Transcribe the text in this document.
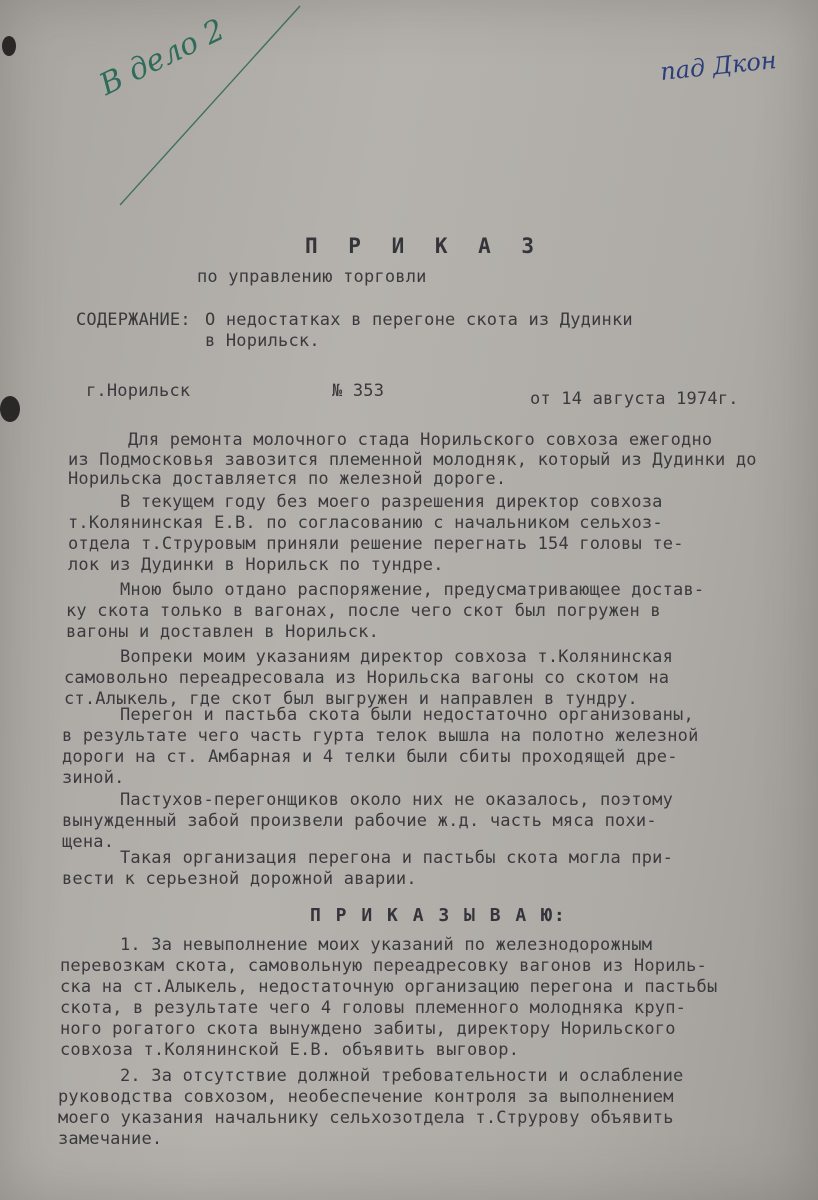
В дело 2	пад Дкон
П Р И К А З
по управлению торговли
СОДЕРЖАНИЕ: О недостатках в перегоне скота из Дудинки
в Норильск.
г.Норильск	№ 353	от 14 августа 1974г.
Для ремонта молочного стада Норильского совхоза ежегодно
из Подмосковья завозится племенной молодняк, который из Дудинки до
Норильска доставляется по железной дороге.
В текущем году без моего разрешения директор совхоза
т.Колянинская Е.В. по согласованию с начальником сельхоз-
отдела т.Струровым приняли решение перегнать 154 головы те-
лок из Дудинки в Норильск по тундре.
Мною было отдано распоряжение, предусматривающее достав-
ку скота только в вагонах, после чего скот был погружен в
вагоны и доставлен в Норильск.
Вопреки моим указаниям директор совхоза т.Колянинская
самовольно переадресовала из Норильска вагоны со скотом на
ст.Алыкель, где скот был выгружен и направлен в тундру.
Перегон и пастьба скота были недостаточно организованы,
в результате чего часть гурта телок вышла на полотно железной
дороги на ст. Амбарная и 4 телки были сбиты проходящей дре-
зиной.
Пастухов-перегонщиков около них не оказалось, поэтому
вынужденный забой произвели рабочие ж.д. часть мяса похи-
щена.
Такая организация перегона и пастьбы скота могла при-
вести к серьезной дорожной аварии.
П Р И К А З Ы В А Ю:
1. За невыполнение моих указаний по железнодорожным
перевозкам скота, самовольную переадресовку вагонов из Нориль-
ска на ст.Алыкель, недостаточную организацию перегона и пастьбы
скота, в результате чего 4 головы племенного молодняка круп-
ного рогатого скота вынуждено забиты, директору Норильского
совхоза т.Колянинской Е.В. объявить выговор.
2. За отсутствие должной требовательности и ослабление
руководства совхозом, необеспечение контроля за выполнением
моего указания начальнику сельхозотдела т.Струрову объявить
замечание.
